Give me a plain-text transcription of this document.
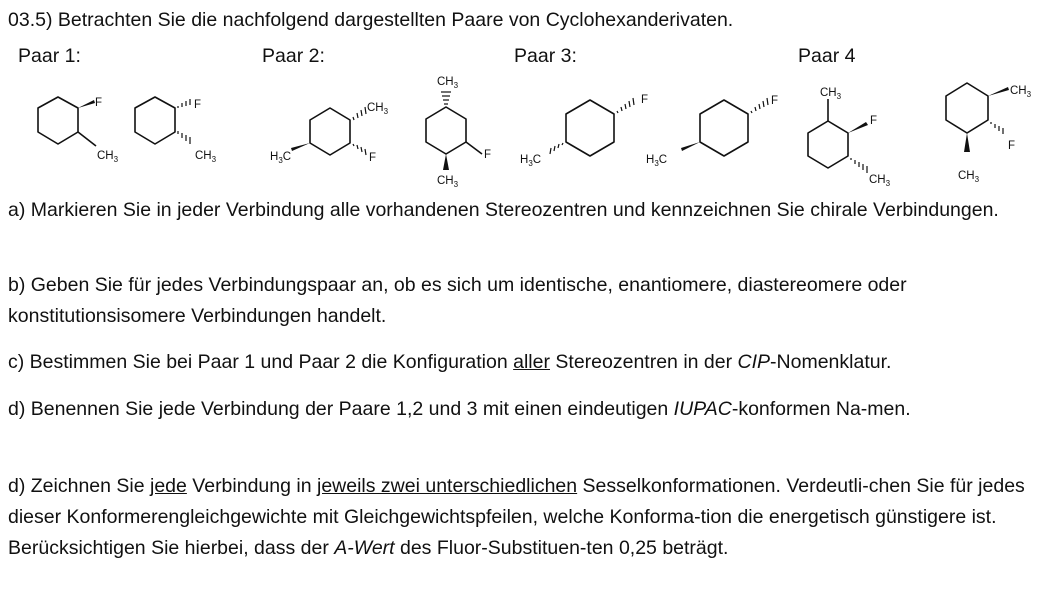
03.5) Betrachten Sie die nachfolgend dargestellten Paare von Cyclohexanderivaten.
Paar 1:	Paar 2:	Paar 3:	Paar 4
F
$CH_3$
F
$CH_3$	$H_3C$
$CH_3$
F
$CH_3$
F
$CH_3$
F
$H_3C$
F
$H_3C$
$CH_3$
F
$CH_3$
$CH_3$
F
$CH_3$
a) Markieren Sie in jeder Verbindung alle vorhandenen Stereozentren und kennzeichnen Sie chirale Verbindungen.
b) Geben Sie für jedes Verbindungspaar an, ob es sich um identische, enantiomere, diastereomere oder konstitutionsisomere Verbindungen handelt.
c) Bestimmen Sie bei Paar 1 und Paar 2 die Konfiguration aller Stereozentren in der CIP-Nomenklatur.
d) Benennen Sie jede Verbindung der Paare 1,2 und 3 mit einen eindeutigen IUPAC-konformen Na-men.
d) Zeichnen Sie jede Verbindung in jeweils zwei unterschiedlichen Sesselkonformationen. Verdeutli-chen Sie für jedes dieser Konformerengleichgewichte mit Gleichgewichtspfeilen, welche Konforma-tion die energetisch günstigere ist. Berücksichtigen Sie hierbei, dass der A-Wert des Fluor-Substituen-ten 0,25 beträgt.
